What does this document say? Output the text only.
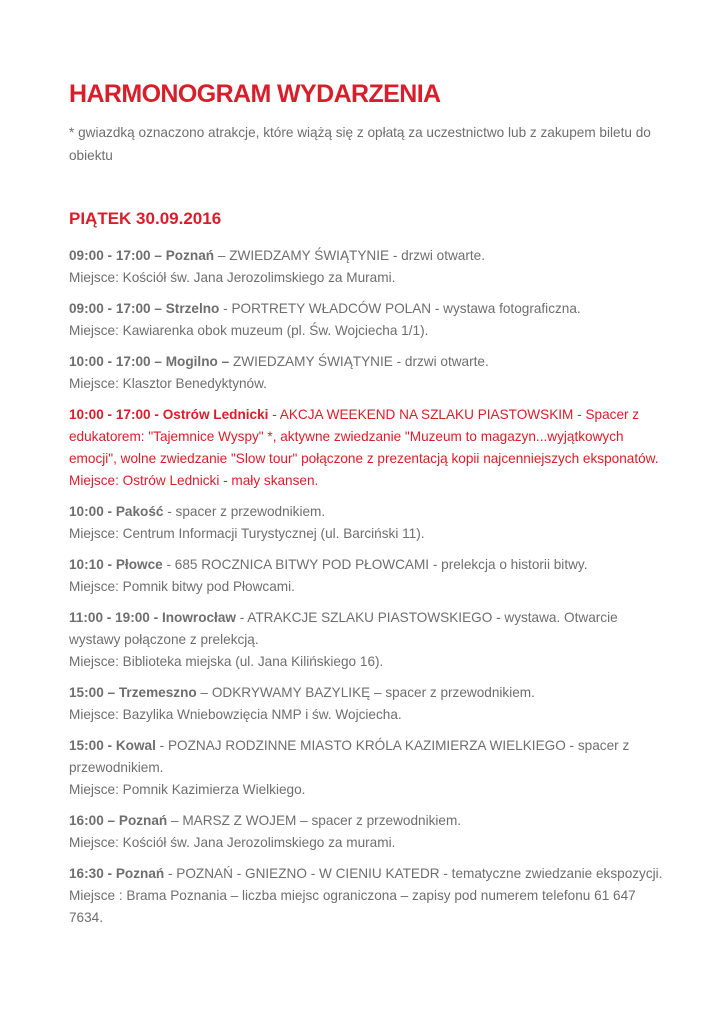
HARMONOGRAM WYDARZENIA

* gwiazdką oznaczono atrakcje, które wiążą się z opłatą za uczestnictwo lub z zakupem biletu do obiektu

PIĄTEK 30.09.2016

09:00 - 17:00 – Poznań – ZWIEDZAMY ŚWIĄTYNIE - drzwi otwarte.
Miejsce: Kościół św. Jana Jerozolimskiego za Murami.

09:00 - 17:00 – Strzelno - PORTRETY WŁADCÓW POLAN - wystawa fotograficzna.
Miejsce: Kawiarenka obok muzeum (pl. Św. Wojciecha 1/1).

10:00 - 17:00 – Mogilno – ZWIEDZAMY ŚWIĄTYNIE - drzwi otwarte.
Miejsce: Klasztor Benedyktynów.

10:00 - 17:00 - Ostrów Lednicki - AKCJA WEEKEND NA SZLAKU PIASTOWSKIM - Spacer z edukatorem: "Tajemnice Wyspy" *, aktywne zwiedzanie "Muzeum to magazyn...wyjątkowych emocji", wolne zwiedzanie "Slow tour" połączone z prezentacją kopii najcenniejszych eksponatów.
Miejsce: Ostrów Lednicki - mały skansen.

10:00 - Pakość - spacer z przewodnikiem.
Miejsce: Centrum Informacji Turystycznej (ul. Barciński 11).

10:10 - Płowce - 685 ROCZNICA BITWY POD PŁOWCAMI - prelekcja o historii bitwy.
Miejsce: Pomnik bitwy pod Płowcami.

11:00 - 19:00 - Inowrocław - ATRAKCJE SZLAKU PIASTOWSKIEGO - wystawa. Otwarcie wystawy połączone z prelekcją.
Miejsce: Biblioteka miejska (ul. Jana Kilińskiego 16).

15:00 – Trzemeszno – ODKRYWAMY BAZYLIKĘ – spacer z przewodnikiem.
Miejsce: Bazylika Wniebowzięcia NMP i św. Wojciecha.

15:00 - Kowal - POZNAJ RODZINNE MIASTO KRÓLA KAZIMIERZA WIELKIEGO - spacer z przewodnikiem.
Miejsce: Pomnik Kazimierza Wielkiego.

16:00 – Poznań – MARSZ Z WOJEM – spacer z przewodnikiem.
Miejsce: Kościół św. Jana Jerozolimskiego za murami.

16:30 - Poznań - POZNAŃ - GNIEZNO - W CIENIU KATEDR - tematyczne zwiedzanie ekspozycji.
Miejsce : Brama Poznania – liczba miejsc ograniczona – zapisy pod numerem telefonu 61 647 7634.
